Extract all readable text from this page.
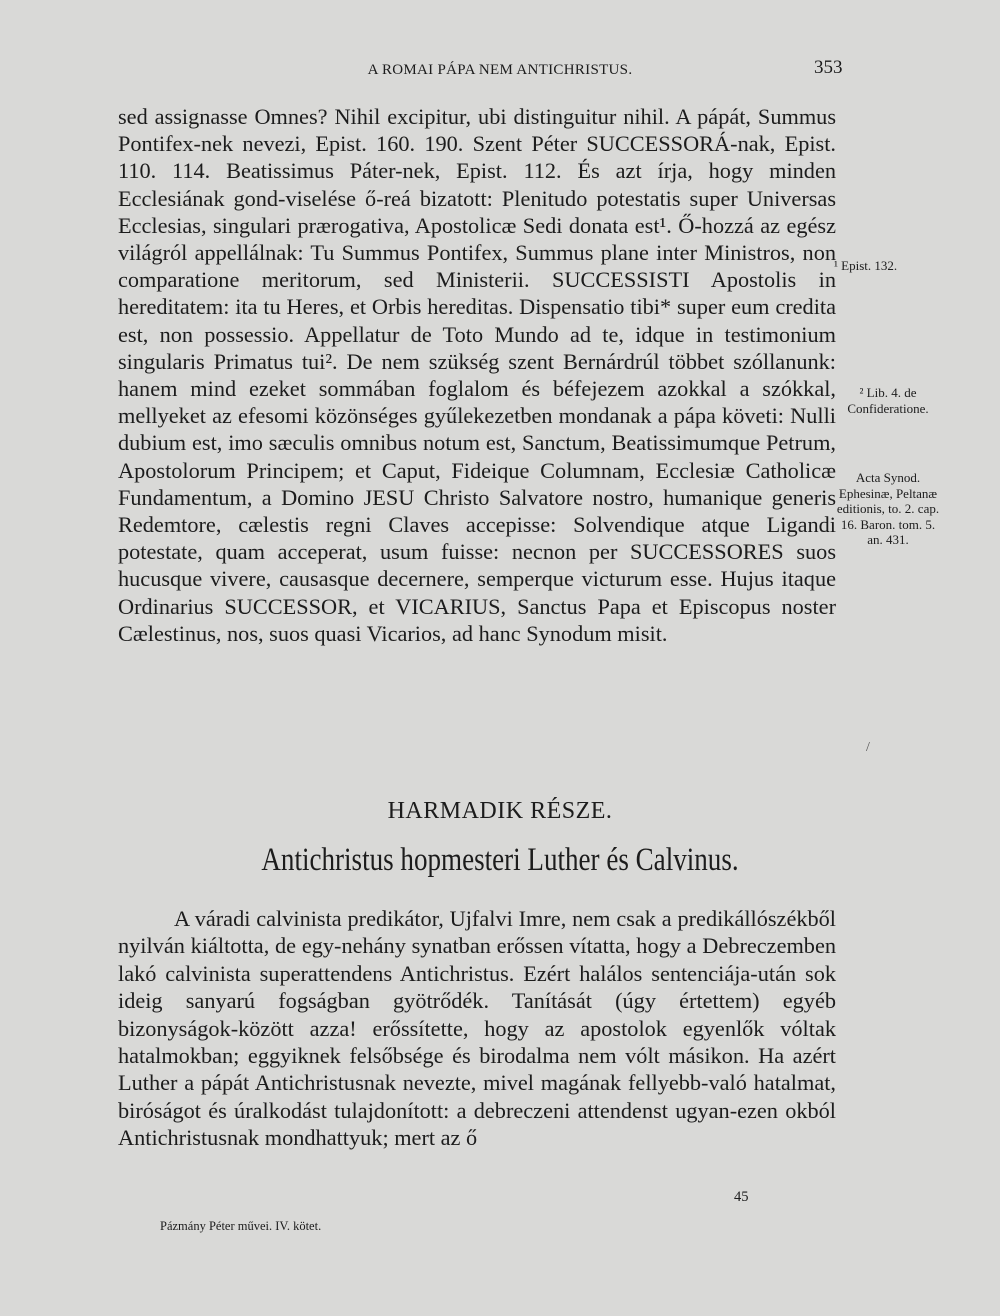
A ROMAI PÁPA NEM ANTICHRISTUS.	353

sed assignasse Omnes? Nihil excipitur, ubi distinguitur nihil. A pápát, Summus Pontifex-nek nevezi, Epist. 160. 190. Szent Péter SUCCESSORÁ-nak, Epist. 110. 114. Beatissimus Páter-nek, Epist. 112. És azt írja, hogy minden Ecclesiának gond-viselése ő-reá bizatott: Plenitudo potestatis super Universas Ecclesias, singulari prærogativa, Apostolicæ Sedi donata est¹. Ő-hozzá az egész világról appellálnak: Tu Summus Pontifex, Summus plane inter Ministros, non comparatione meritorum, sed Ministerii. SUCCESSISTI Apostolis in hereditatem: ita tu Heres, et Orbis hereditas. Dispensatio tibi* super eum credita est, non possessio. Appellatur de Toto Mundo ad te, idque in testimonium singularis Primatus tui². De nem szükség szent Bernárdrúl többet szóllanunk: hanem mind ezeket sommában foglalom és béfejezem azokkal a szókkal, mellyeket az efesomi közönséges gyűlekezetben mondanak a pápa követi: Nulli dubium est, imo sæculis omnibus notum est, Sanctum, Beatissimumque Petrum, Apostolorum Principem; et Caput, Fideique Columnam, Ecclesiæ Catholicæ Fundamentum, a Domino JESU Christo Salvatore nostro, humanique generis Redemtore, cælestis regni Claves accepisse: Solvendique atque Ligandi potestate, quam acceperat, usum fuisse: necnon per SUCCESSORES suos hucusque vivere, causasque decernere, semperque victurum esse. Hujus itaque Ordinarius SUCCESSOR, et VICARIUS, Sanctus Papa et Episcopus noster Cælestinus, nos, suos quasi Vicarios, ad hanc Synodum misit.

¹ Epist. 132.
² Lib. 4. de Confideratione.
Acta Synod. Ephesinæ, Peltanæ editionis, to. 2. cap. 16. Baron. tom. 5. an. 431.
/
HARMADIK RÉSZE.
Antichristus hopmesteri Luther és Calvinus.

A váradi calvinista predikátor, Ujfalvi Imre, nem csak a predikállószékből nyilván kiáltotta, de egy-nehány synatban erőssen vítatta, hogy a Debreczemben lakó calvinista superattendens Antichristus. Ezért halálos sentenciája-után sok ideig sanyarú fogságban gyötrődék. Tanítását (úgy értettem) egyéb bizonyságok-között azza! erőssítette, hogy az apostolok egyenlők vóltak hatalmokban; eggyiknek felsőbsége és birodalma nem vólt másikon. Ha azért Luther a pápát Antichristusnak nevezte, mivel magának fellyebb-való hatalmat, biróságot és úralkodást tulajdonított: a debreczeni attendenst ugyan-ezen okból Antichristusnak mondhattyuk; mert az ő

Pázmány Péter művei. IV. kötet.
45
